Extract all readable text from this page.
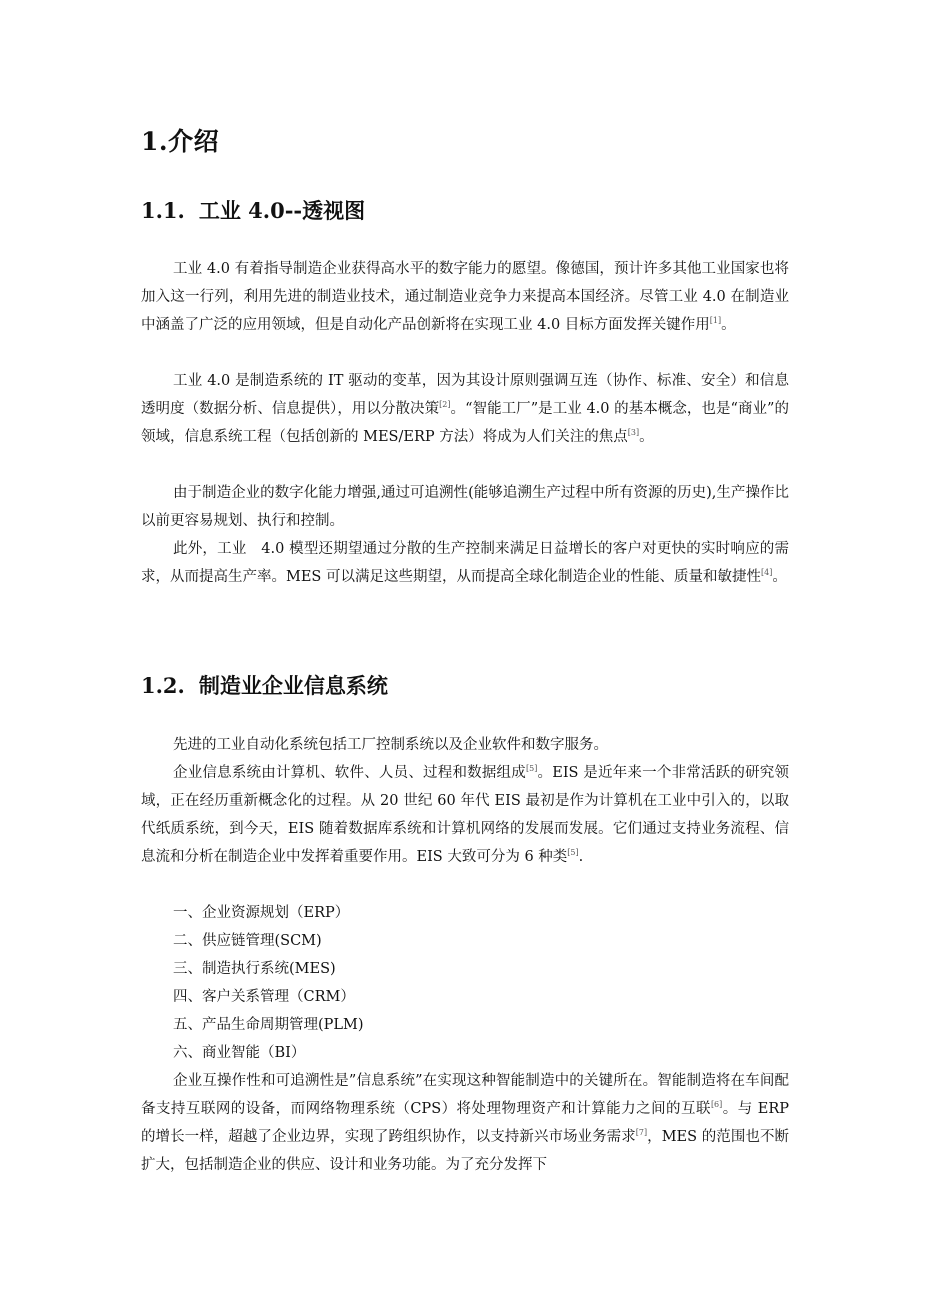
1.介绍
1.1. 工业 4.0--透视图

工业 4.0 有着指导制造企业获得高水平的数字能力的愿望。像德国，预计许多其他工业国家也将加入这一行列，利用先进的制造业技术，通过制造业竞争力来提高本国经济。尽管工业 4.0 在制造业中涵盖了广泛的应用领域，但是自动化产品创新将在实现工业 4.0 目标方面发挥关键作用[1]。

工业 4.0 是制造系统的 IT 驱动的变革，因为其设计原则强调互连（协作、标准、安全）和信息透明度（数据分析、信息提供），用以分散决策[2]。“智能工厂”是工业 4.0 的基本概念，也是“商业”的领域，信息系统工程（包括创新的 MES/ERP 方法）将成为人们关注的焦点[3]。

由于制造企业的数字化能力增强,通过可追溯性(能够追溯生产过程中所有资源的历史),生产操作比以前更容易规划、执行和控制。

此外，工业　4.0 模型还期望通过分散的生产控制来满足日益增长的客户对更快的实时响应的需求，从而提高生产率。MES 可以满足这些期望，从而提高全球化制造企业的性能、质量和敏捷性[4]。

1.2. 制造业企业信息系统

先进的工业自动化系统包括工厂控制系统以及企业软件和数字服务。

企业信息系统由计算机、软件、人员、过程和数据组成[5]。EIS 是近年来一个非常活跃的研究领域，正在经历重新概念化的过程。从 20 世纪 60 年代 EIS 最初是作为计算机在工业中引入的，以取代纸质系统，到今天，EIS 随着数据库系统和计算机网络的发展而发展。它们通过支持业务流程、信息流和分析在制造企业中发挥着重要作用。EIS 大致可分为 6 种类[5].

一、企业资源规划（ERP）
二、供应链管理(SCM)
三、制造执行系统(MES)
四、客户关系管理（CRM）
五、产品生命周期管理(PLM)
六、商业智能（BI）

企业互操作性和可追溯性是”信息系统”在实现这种智能制造中的关键所在。智能制造将在车间配备支持互联网的设备，而网络物理系统（CPS）将处理物理资产和计算能力之间的互联[6]。与 ERP 的增长一样，超越了企业边界，实现了跨组织协作，以支持新兴市场业务需求[7]，MES 的范围也不断扩大，包括制造企业的供应、设计和业务功能。为了充分发挥下
